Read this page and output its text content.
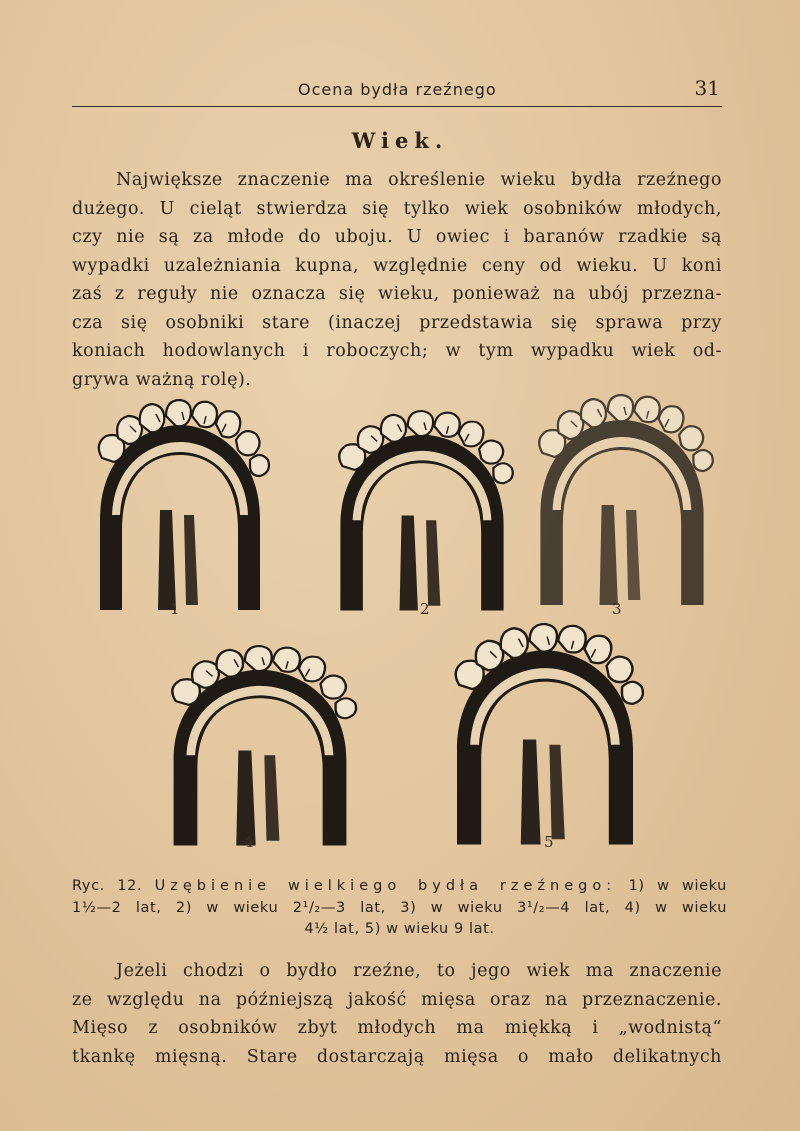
Ocena bydła rzeźnego	31
Wiek.
Największe znaczenie ma określenie wieku bydła rzeźnego
dużego. U cieląt stwierdza się tylko wiek osobników młodych,
czy nie są za młode do uboju. U owiec i baranów rzadkie są
wypadki uzależniania kupna, względnie ceny od wieku. U koni
zaś z reguły nie oznacza się wieku, ponieważ na ubój przezna-
cza się osobniki stare (inaczej przedstawia się sprawa przy
koniach hodowlanych i roboczych; w tym wypadku wiek od-
grywa ważną rolę).
1	2	3
4	5
Ryc. 12. Uzębienie wielkiego bydła rzeźnego: 1) w wieku
1½—2 lat, 2) w wieku 2¹/₂—3 lat, 3) w wieku 3¹/₂—4 lat, 4) w wieku
4½ lat, 5) w wieku 9 lat.
Jeżeli chodzi o bydło rzeźne, to jego wiek ma znaczenie
ze względu na późniejszą jakość mięsa oraz na przeznaczenie.
Mięso z osobników zbyt młodych ma miękką i „wodnistą“
tkankę mięsną. Stare dostarczają mięsa o mało delikatnych
